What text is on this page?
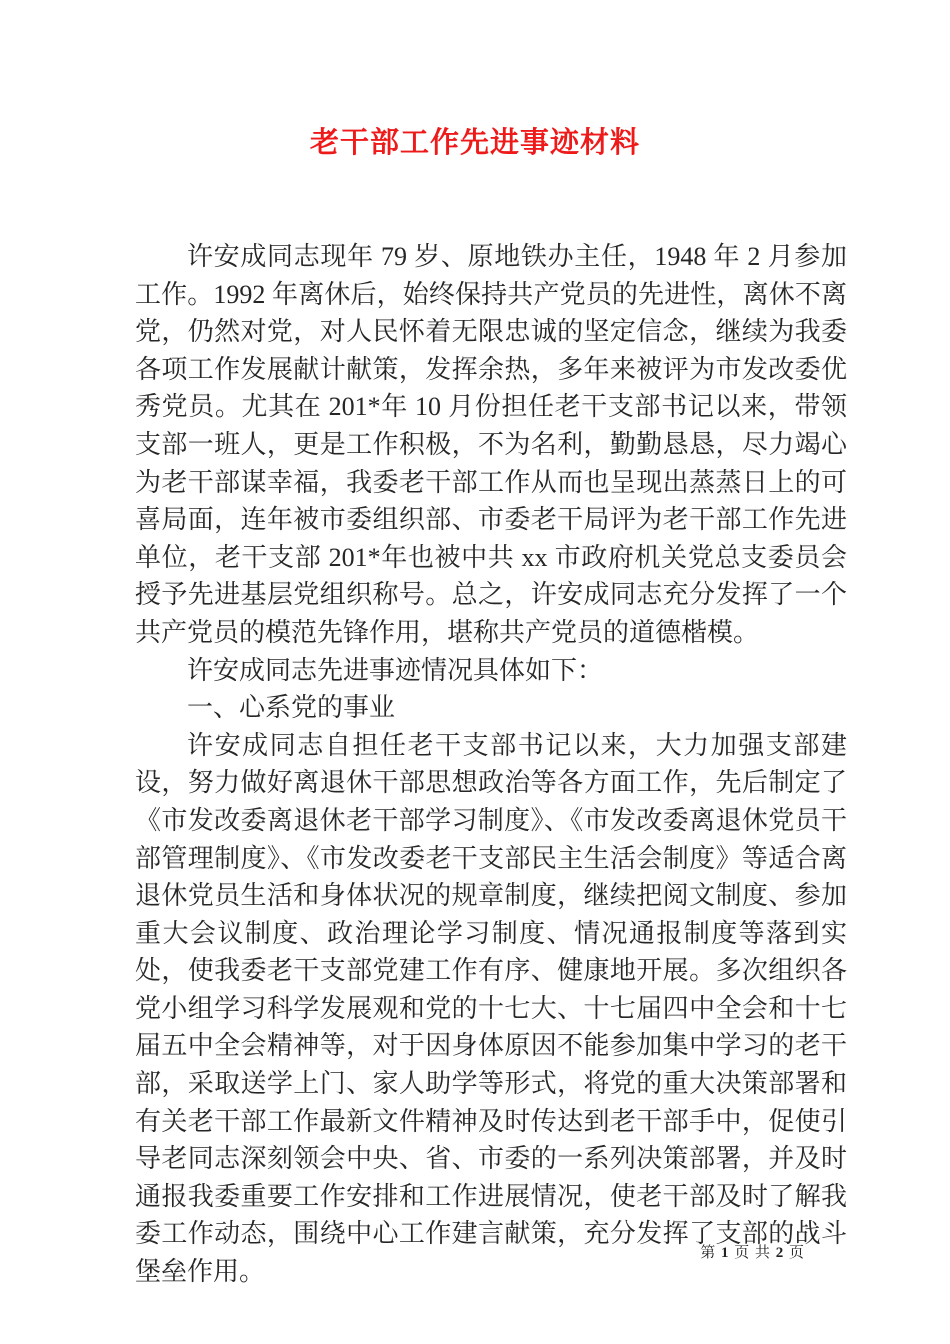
老干部工作先进事迹材料

许安成同志现年 79 岁、原地铁办主任，1948 年 2 月参加工作。1992 年离休后，始终保持共产党员的先进性，离休不离党，仍然对党，对人民怀着无限忠诚的坚定信念，继续为我委各项工作发展献计献策，发挥余热，多年来被评为市发改委优秀党员。尤其在 201*年 10 月份担任老干支部书记以来，带领支部一班人，更是工作积极，不为名利，勤勤恳恳，尽力竭心为老干部谋幸福，我委老干部工作从而也呈现出蒸蒸日上的可喜局面，连年被市委组织部、市委老干局评为老干部工作先进单位，老干支部 201*年也被中共 xx 市政府机关党总支委员会授予先进基层党组织称号。总之，许安成同志充分发挥了一个共产党员的模范先锋作用，堪称共产党员的道德楷模。

许安成同志先进事迹情况具体如下：

一、心系党的事业

许安成同志自担任老干支部书记以来，大力加强支部建设，努力做好离退休干部思想政治等各方面工作，先后制定了《市发改委离退休老干部学习制度》、《市发改委离退休党员干部管理制度》、《市发改委老干支部民主生活会制度》等适合离退休党员生活和身体状况的规章制度，继续把阅文制度、参加重大会议制度、政治理论学习制度、情况通报制度等落到实处，使我委老干支部党建工作有序、健康地开展。多次组织各党小组学习科学发展观和党的十七大、十七届四中全会和十七届五中全会精神等，对于因身体原因不能参加集中学习的老干部，采取送学上门、家人助学等形式，将党的重大决策部署和有关老干部工作最新文件精神及时传达到老干部手中，促使引导老同志深刻领会中央、省、市委的一系列决策部署，并及时通报我委重要工作安排和工作进展情况，使老干部及时了解我委工作动态，围绕中心工作建言献策，充分发挥了支部的战斗堡垒作用。

第 1 页 共 2 页
